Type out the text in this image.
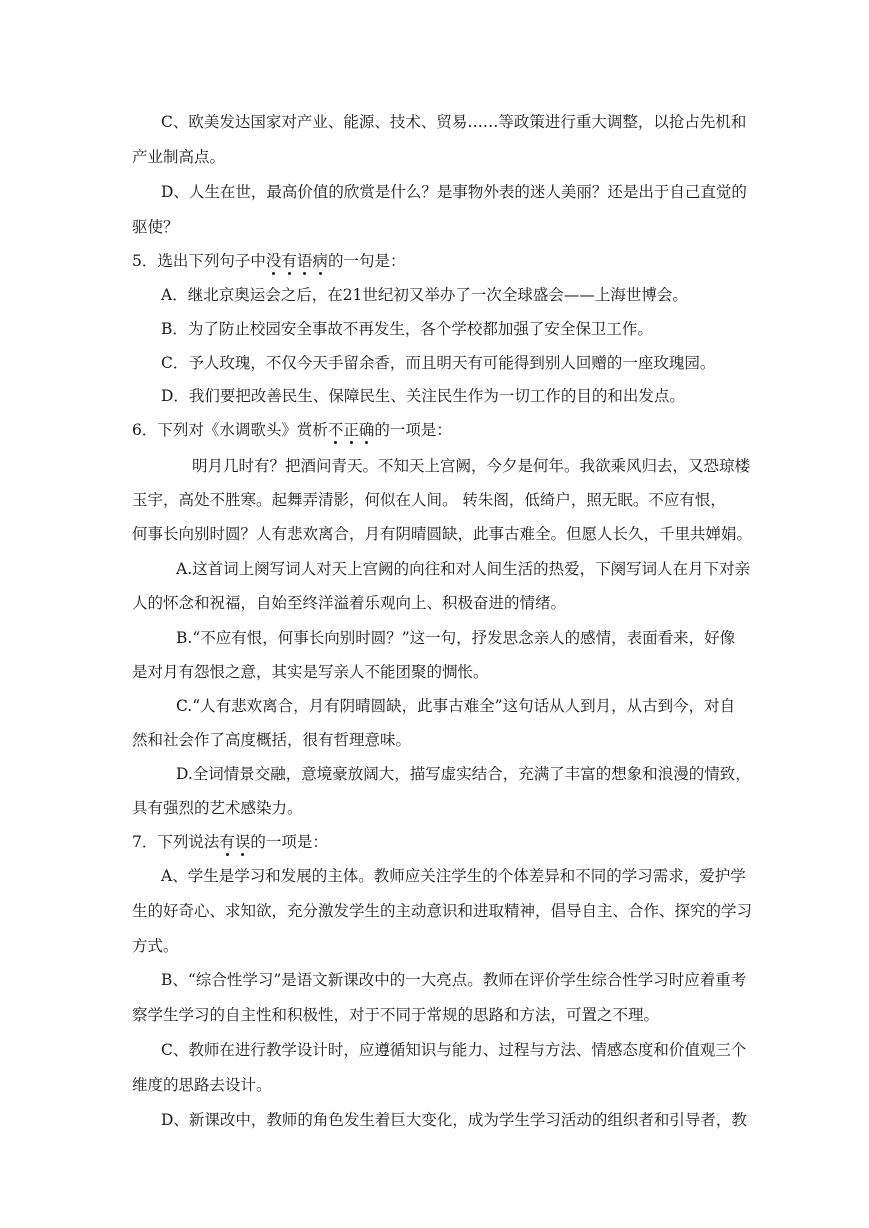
C、欧美发达国家对产业、能源、技术、贸易……等政策进行重大调整，以抢占先机和
产业制高点。
D、人生在世，最高价值的欣赏是什么？是事物外表的迷人美丽？还是出于自己直觉的
驱使？
5．选出下列句子中没有语病的一句是：
A．继北京奥运会之后，在21世纪初又举办了一次全球盛会——上海世博会。
B．为了防止校园安全事故不再发生，各个学校都加强了安全保卫工作。
C．予人玫瑰，不仅今天手留余香，而且明天有可能得到别人回赠的一座玫瑰园。
D．我们要把改善民生、保障民生、关注民生作为一切工作的目的和出发点。
6．下列对《水调歌头》赏析不正确的一项是：
明月几时有？把酒问青天。不知天上宫阙，今夕是何年。我欲乘风归去，又恐琼楼
玉宇，高处不胜寒。起舞弄清影，何似在人间。 转朱阁，低绮户，照无眠。不应有恨，
何事长向别时圆？人有悲欢离合，月有阴晴圆缺，此事古难全。但愿人长久，千里共婵娟。
A.这首词上阕写词人对天上宫阙的向往和对人间生活的热爱，下阕写词人在月下对亲
人的怀念和祝福，自始至终洋溢着乐观向上、积极奋进的情绪。
B.“不应有恨，何事长向别时圆？”这一句，抒发思念亲人的感情，表面看来，好像
是对月有怨恨之意，其实是写亲人不能团聚的惆怅。
C.“人有悲欢离合，月有阴晴圆缺，此事古难全”这句话从人到月，从古到今，对自
然和社会作了高度概括，很有哲理意味。
D.全词情景交融，意境豪放阔大，描写虚实结合，充满了丰富的想象和浪漫的情致，
具有强烈的艺术感染力。
7．下列说法有误的一项是：
A、学生是学习和发展的主体。教师应关注学生的个体差异和不同的学习需求，爱护学
生的好奇心、求知欲，充分激发学生的主动意识和进取精神，倡导自主、合作、探究的学习
方式。
B、“综合性学习”是语文新课改中的一大亮点。教师在评价学生综合性学习时应着重考
察学生学习的自主性和积极性，对于不同于常规的思路和方法，可置之不理。
C、教师在进行教学设计时，应遵循知识与能力、过程与方法、情感态度和价值观三个
维度的思路去设计。
D、新课改中，教师的角色发生着巨大变化，成为学生学习活动的组织者和引导者，教
